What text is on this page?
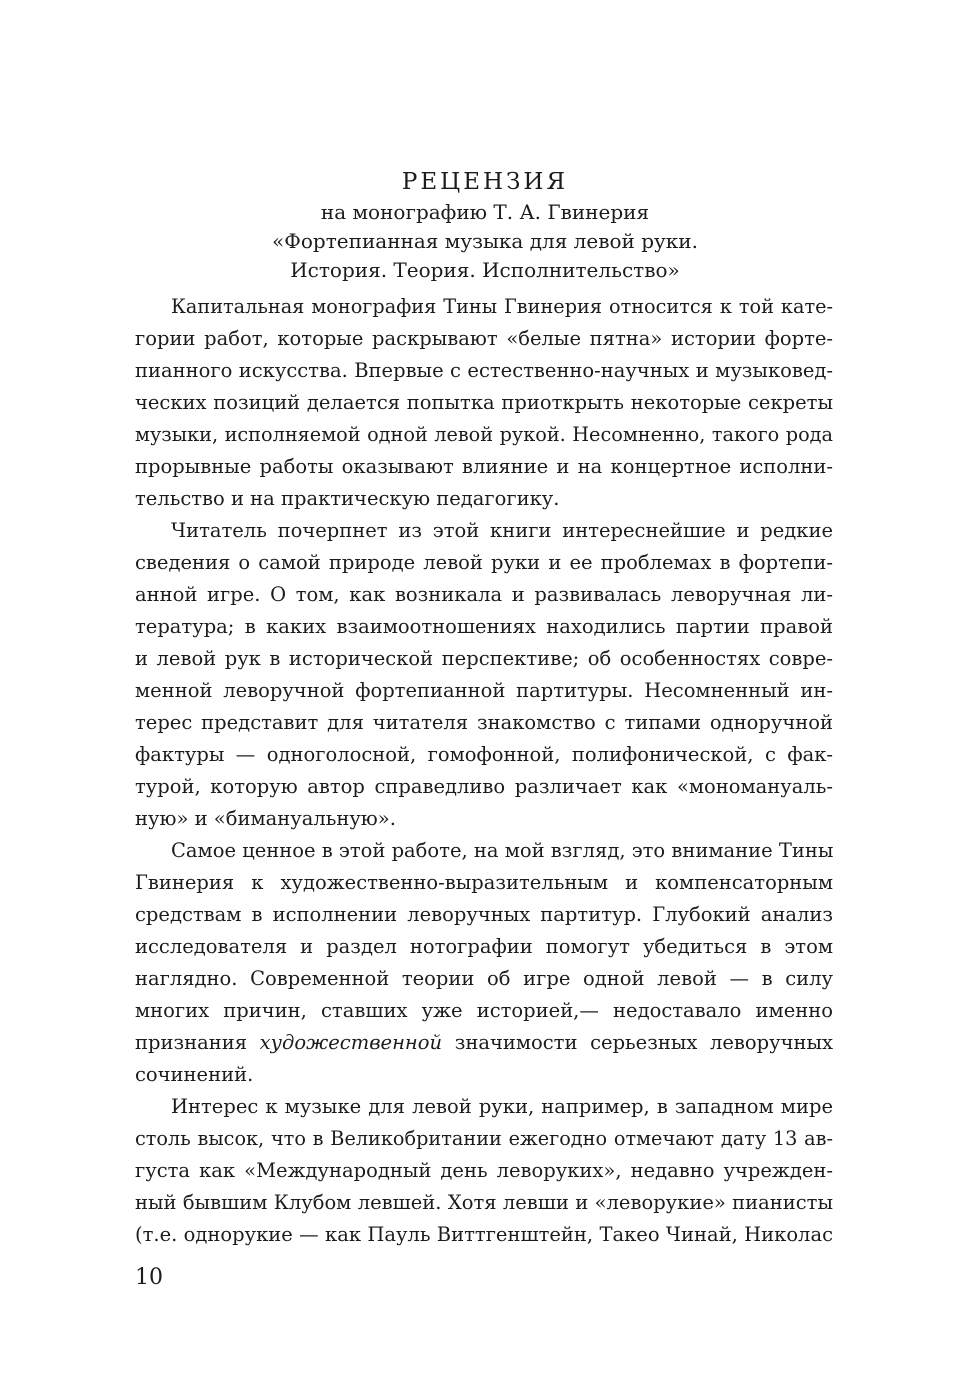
РЕЦЕНЗИЯ
на монографию Т. А. Гвинерия
«Фортепианная музыка для левой руки.
История. Теория. Исполнительство»
Капитальная монография Тины Гвинерия относится к той кате-
гории работ, которые раскрывают «белые пятна» истории форте-
пианного искусства. Впервые с естественно-научных и музыковед-
ческих позиций делается попытка приоткрыть некоторые секреты
музыки, исполняемой одной левой рукой. Несомненно, такого рода
прорывные работы оказывают влияние и на концертное исполни-
тельство и на практическую педагогику.
Читатель почерпнет из этой книги интереснейшие и редкие
сведения о самой природе левой руки и ее проблемах в фортепи-
анной игре. О том, как возникала и развивалась леворучная ли-
тература; в каких взаимоотношениях находились партии правой
и левой рук в исторической перспективе; об особенностях совре-
менной леворучной фортепианной партитуры. Несомненный ин-
терес представит для читателя знакомство с типами одноручной
фактуры — одноголосной, гомофонной, полифонической, с фак-
турой, которую автор справедливо различает как «мономануаль-
ную» и «бимануальную».
Самое ценное в этой работе, на мой взгляд, это внимание Тины
Гвинерия к художественно-выразительным и компенсаторным
средствам в исполнении леворучных партитур. Глубокий анализ
исследователя и раздел нотографии помогут убедиться в этом
наглядно. Современной теории об игре одной левой — в силу
многих причин, ставших уже историей,— недоставало именно
признания художественной значимости серьезных леворучных
сочинений.
Интерес к музыке для левой руки, например, в западном мире
столь высок, что в Великобритании ежегодно отмечают дату 13 ав-
густа как «Международный день леворуких», недавно учрежден-
ный бывшим Клубом левшей. Хотя левши и «леворукие» пианисты
(т.е. однорукие — как Пауль Виттгенштейн, Такео Чинай, Николас
10
